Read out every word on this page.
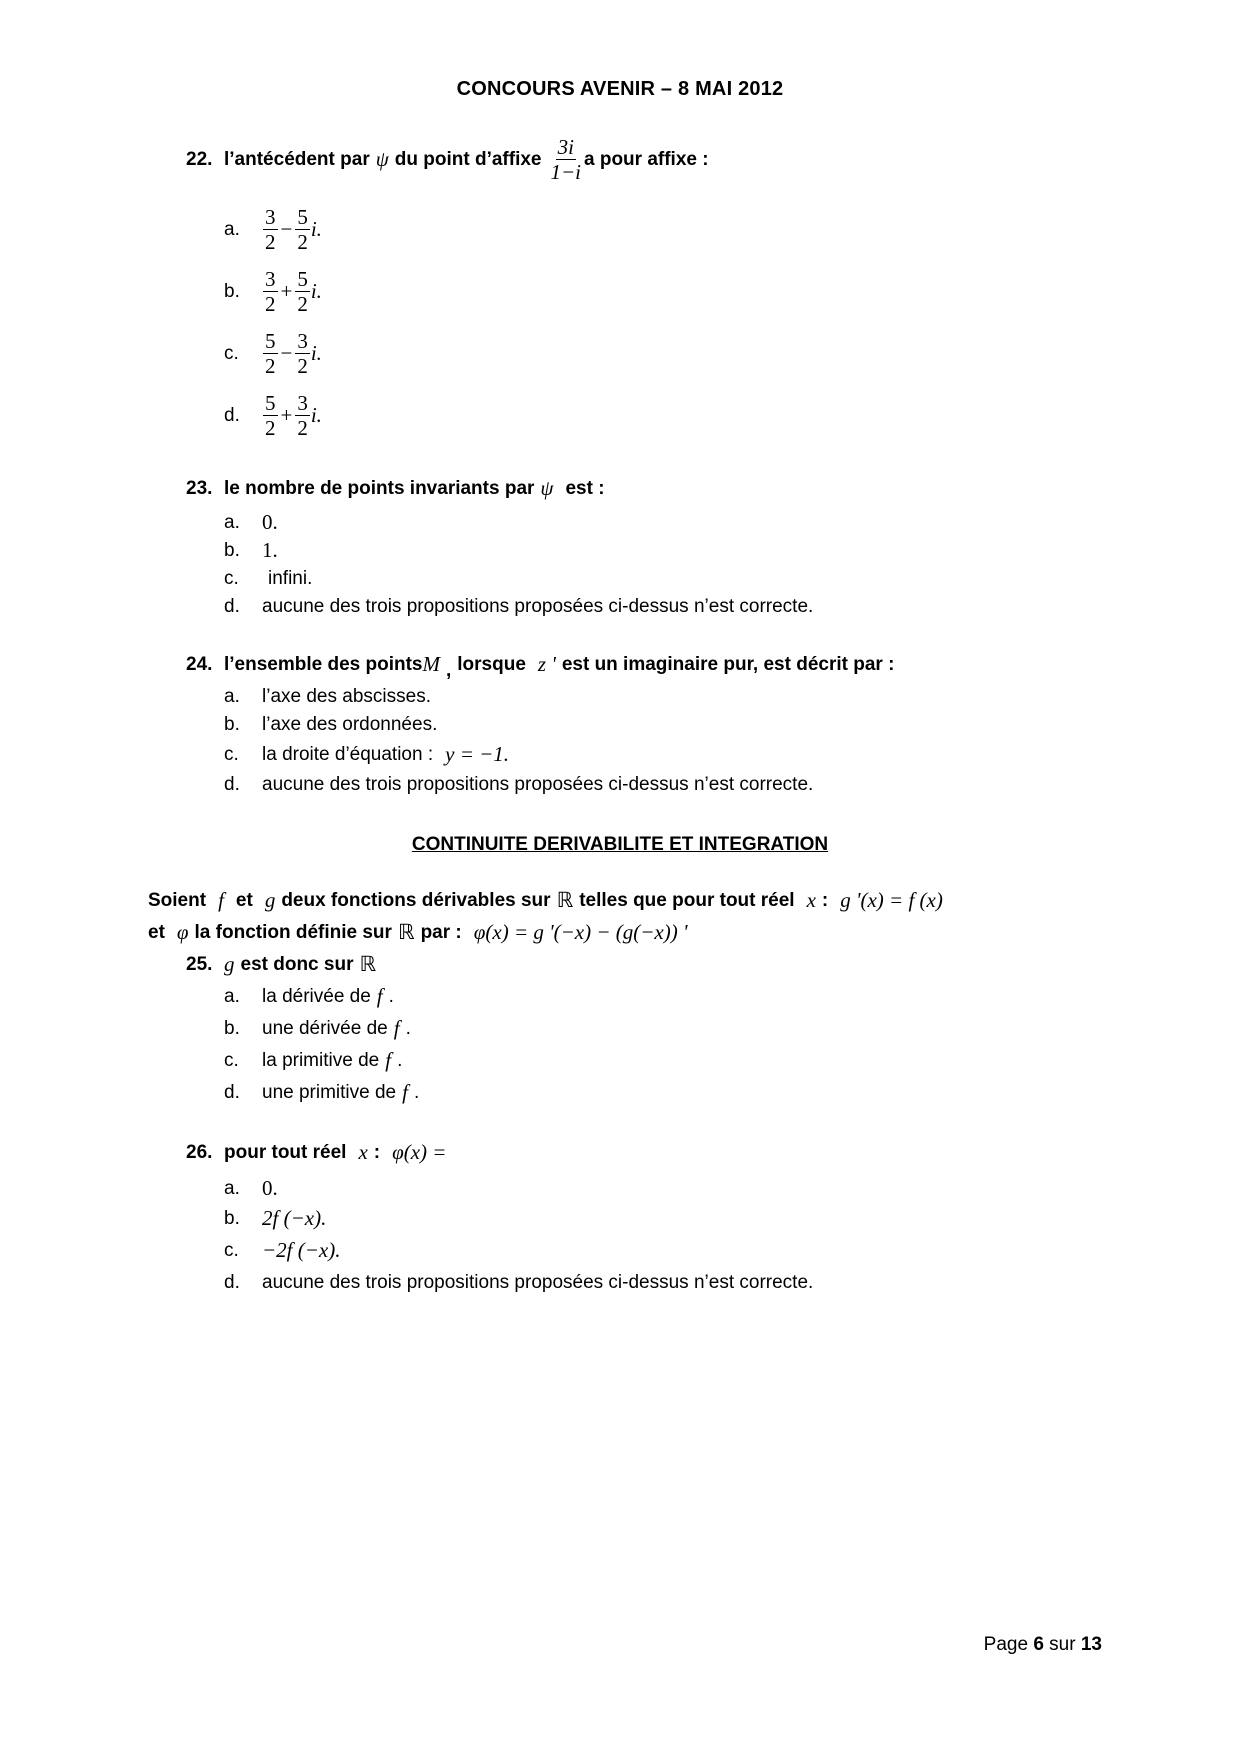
CONCOURS AVENIR – 8 MAI 2012
22. l’antécédent par ψ du point d’affixe $\frac{3i}{1-i}$ a pour affixe :
a.	$\frac{3}{2} - \frac{5}{2} i$.
b.	$\frac{3}{2} + \frac{5}{2} i$.
c.	$\frac{5}{2} - \frac{3}{2} i$.
d.	$\frac{5}{2} + \frac{3}{2} i$.
23. le nombre de points invariants par ψ est :
a.	0.
b.	1.
c.	infini.
d.	aucune des trois propositions proposées ci-dessus n’est correcte.
24. l’ensemble des points M , lorsque z ' est un imaginaire pur, est décrit par :
a.	l’axe des abscisses.
b.	l’axe des ordonnées.
c.	la droite d’équation : y = −1.
d.	aucune des trois propositions proposées ci-dessus n’est correcte.
CONTINUITE DERIVABILITE ET INTEGRATION
Soient f et g deux fonctions dérivables sur ℝ telles que pour tout réel x : g '(x) = f (x)
et φ la fonction définie sur ℝ par : φ(x) = g '(−x) − (g(−x)) '
25. g est donc sur ℝ
a.	la dérivée de f .
b.	une dérivée de f .
c.	la primitive de f .
d.	une primitive de f .
26. pour tout réel x : φ(x) =
a.	0.
b.	2f (−x).
c.	−2f (−x).
d.	aucune des trois propositions proposées ci-dessus n’est correcte.
Page 6 sur 13
